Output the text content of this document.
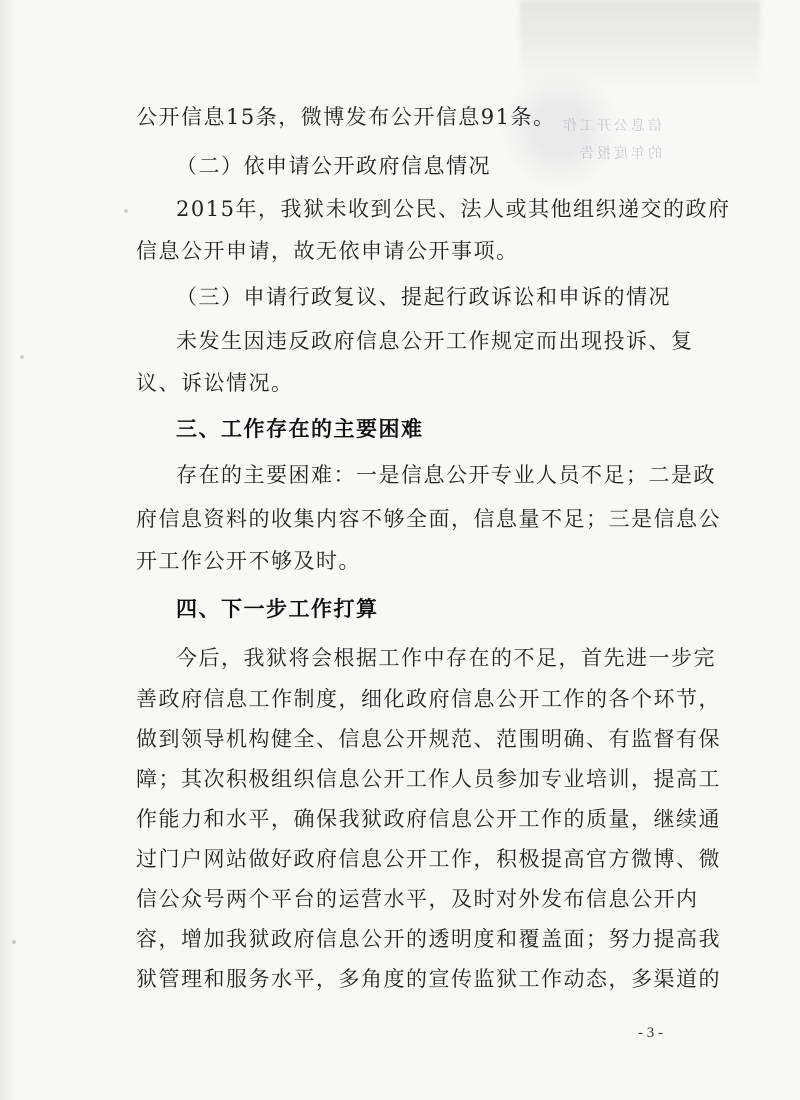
信息公开工作
的年度报告
公开信息15条，微博发布公开信息91条。
（二）依申请公开政府信息情况
2015年，我狱未收到公民、法人或其他组织递交的政府
信息公开申请，故无依申请公开事项。
（三）申请行政复议、提起行政诉讼和申诉的情况
未发生因违反政府信息公开工作规定而出现投诉、复
议、诉讼情况。
三、工作存在的主要困难
存在的主要困难：一是信息公开专业人员不足；二是政
府信息资料的收集内容不够全面，信息量不足；三是信息公
开工作公开不够及时。
四、下一步工作打算
今后，我狱将会根据工作中存在的不足，首先进一步完
善政府信息工作制度，细化政府信息公开工作的各个环节，
做到领导机构健全、信息公开规范、范围明确、有监督有保
障；其次积极组织信息公开工作人员参加专业培训，提高工
作能力和水平，确保我狱政府信息公开工作的质量，继续通
过门户网站做好政府信息公开工作，积极提高官方微博、微
信公众号两个平台的运营水平，及时对外发布信息公开内
容，增加我狱政府信息公开的透明度和覆盖面；努力提高我
狱管理和服务水平，多角度的宣传监狱工作动态，多渠道的
- 3 -
